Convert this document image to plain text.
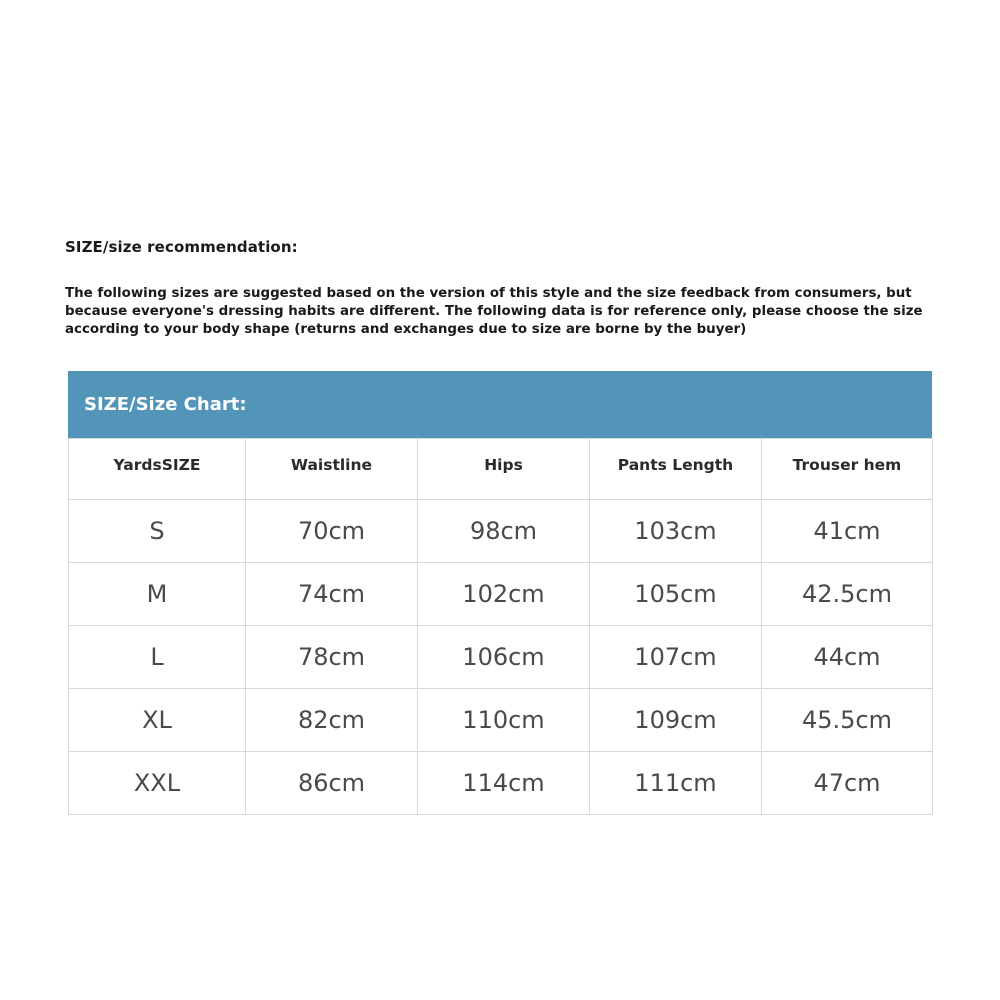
SIZE/size recommendation:

The following sizes are suggested based on the version of this style and the size feedback from consumers, but because everyone's dressing habits are different. The following data is for reference only, please choose the size according to your body shape (returns and exchanges due to size are borne by the buyer)

SIZE/Size Chart:
YardsSIZE	Waistline	Hips	Pants Length	Trouser hem
S	70cm	98cm	103cm	41cm
M	74cm	102cm	105cm	42.5cm
L	78cm	106cm	107cm	44cm
XL	82cm	110cm	109cm	45.5cm
XXL	86cm	114cm	111cm	47cm
